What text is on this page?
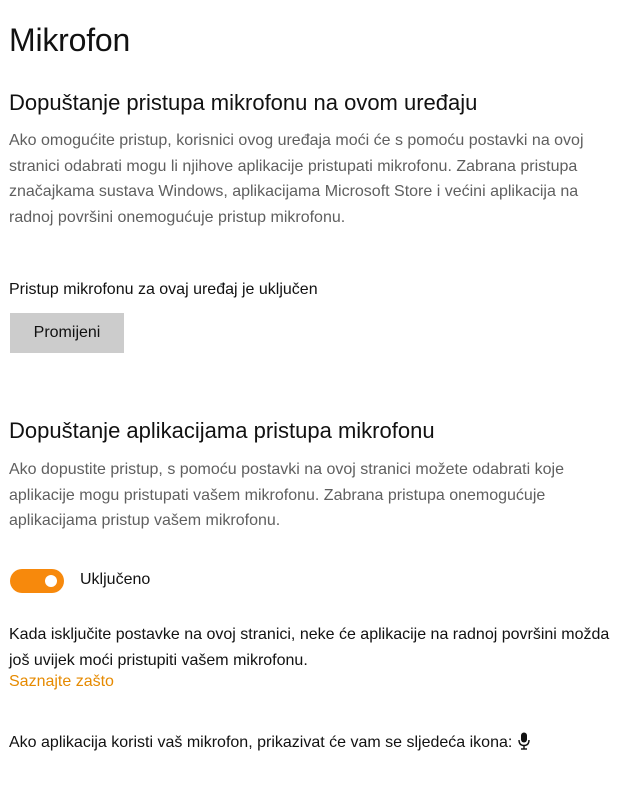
Mikrofon
Dopuštanje pristupa mikrofonu na ovom uređaju
Ako omogućite pristup, korisnici ovog uređaja moći će s pomoću postavki na ovoj stranici odabrati mogu li njihove aplikacije pristupati mikrofonu. Zabrana pristupa značajkama sustava Windows, aplikacijama Microsoft Store i većini aplikacija na radnoj površini onemogućuje pristup mikrofonu.
Pristup mikrofonu za ovaj uređaj je uključen
Promijeni
Dopuštanje aplikacijama pristupa mikrofonu
Ako dopustite pristup, s pomoću postavki na ovoj stranici možete odabrati koje aplikacije mogu pristupati vašem mikrofonu. Zabrana pristupa onemogućuje aplikacijama pristup vašem mikrofonu.
Uključeno
Kada isključite postavke na ovoj stranici, neke će aplikacije na radnoj površini možda još uvijek moći pristupiti vašem mikrofonu.
Saznajte zašto
Ako aplikacija koristi vaš mikrofon, prikazivat će vam se sljedeća ikona:
